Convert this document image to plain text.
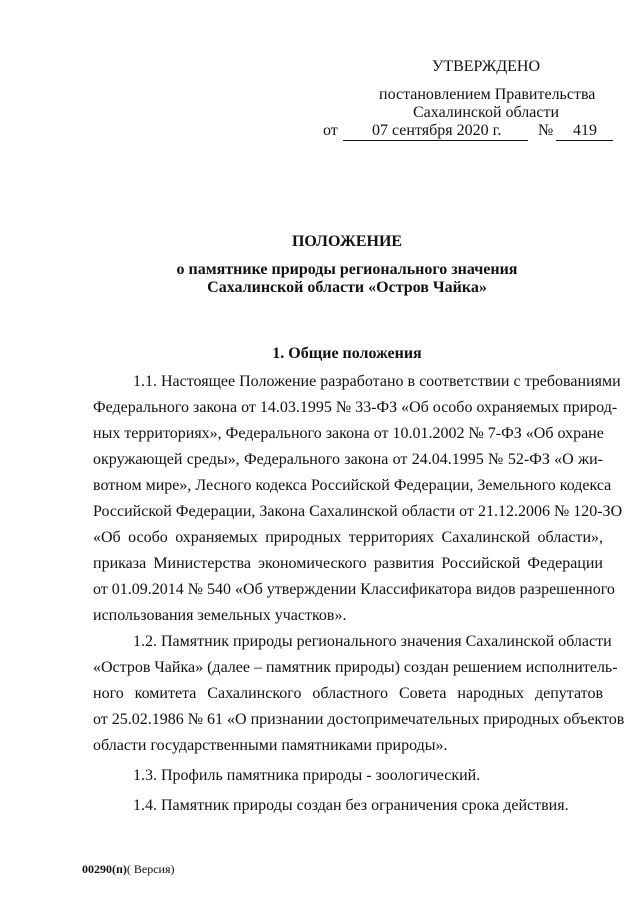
УТВЕРЖДЕНО
постановлением Правительства
Сахалинской области
от 07 сентября 2020 г. № 419
ПОЛОЖЕНИЕ
о памятнике природы регионального значения
Сахалинской области «Остров Чайка»
1. Общие положения
1.1. Настоящее Положение разработано в соответствии с требованиями
Федерального закона от 14.03.1995 № 33-ФЗ «Об особо охраняемых природ-
ных территориях», Федерального закона от 10.01.2002 № 7-ФЗ «Об охране
окружающей среды», Федерального закона от 24.04.1995 № 52-ФЗ «О жи-
вотном мире», Лесного кодекса Российской Федерации, Земельного кодекса
Российской Федерации, Закона Сахалинской области от 21.12.2006 № 120-ЗО
«Об особо охраняемых природных территориях Сахалинской области»,
приказа Министерства экономического развития Российской Федерации
от 01.09.2014 № 540 «Об утверждении Классификатора видов разрешенного
использования земельных участков».
1.2. Памятник природы регионального значения Сахалинской области
«Остров Чайка» (далее – памятник природы) создан решением исполнитель-
ного комитета Сахалинского областного Совета народных депутатов
от 25.02.1986 № 61 «О признании достопримечательных природных объектов
области государственными памятниками природы».
1.3. Профиль памятника природы - зоологический.
1.4. Памятник природы создан без ограничения срока действия.
00290(п)( Версия)
